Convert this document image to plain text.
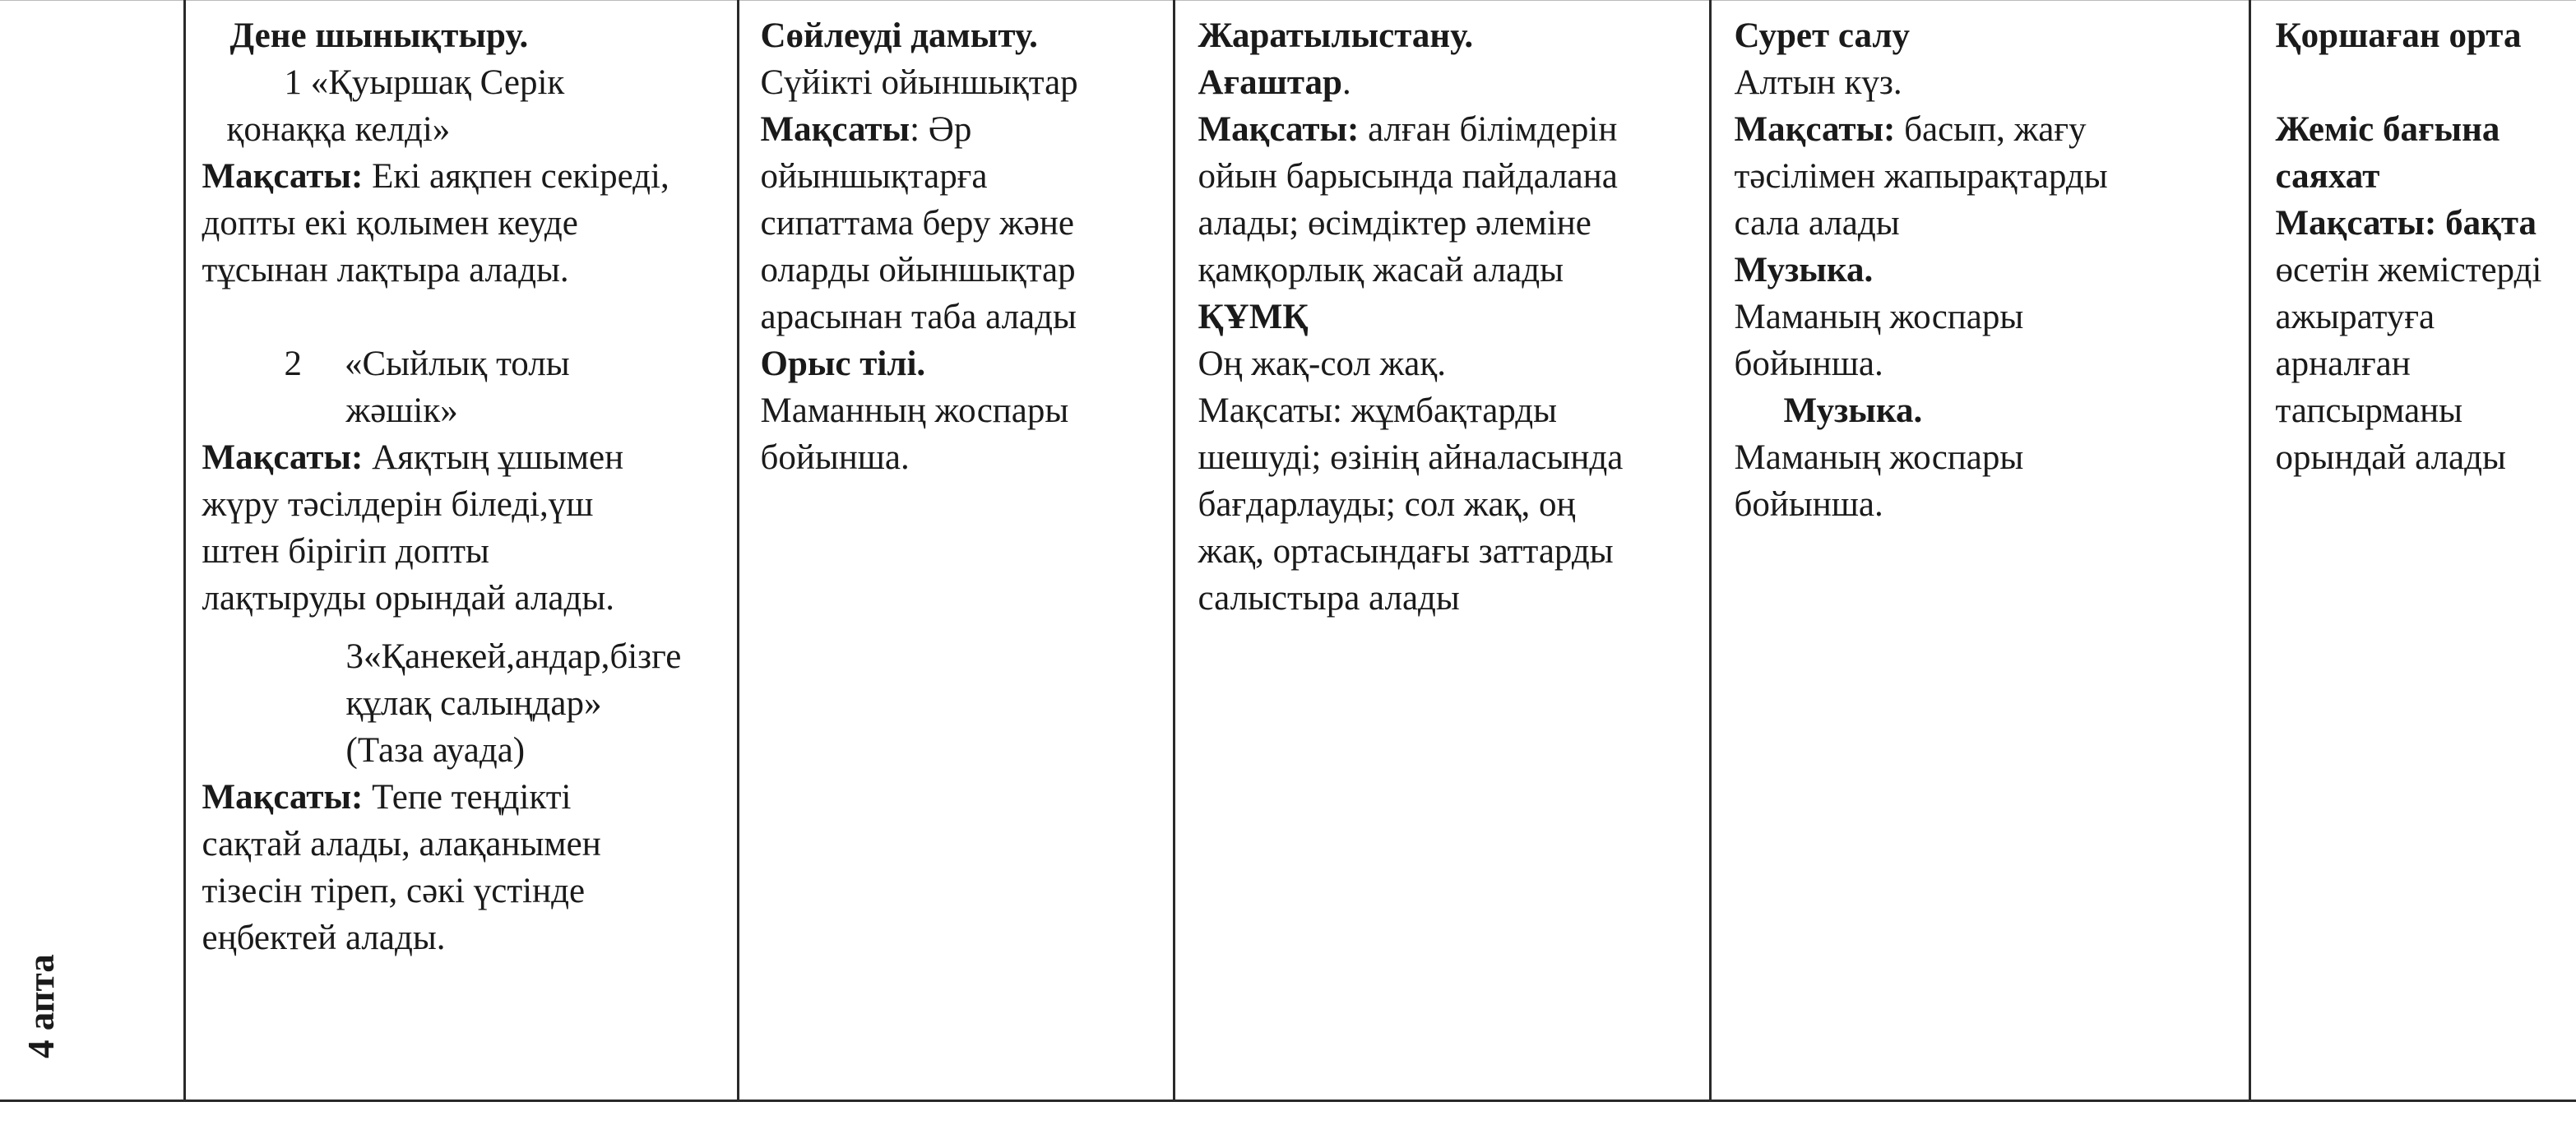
4 апта

Дене шынықтыру.
1 «Қуыршақ Серік
қонаққа келді»
Мақсаты: Екі аяқпен секіреді,
допты екі қолымен кеуде
тұсынан лақтыра алады.
2 «Сыйлық толы
жәшік»
Мақсаты: Аяқтың ұшымен
жүру тәсілдерін біледі,үш
штен бірігіп допты
лақтыруды орындай алады.
3«Қанекей,андар,бізге
құлақ салыңдар»
(Таза ауада)
Мақсаты: Тепе теңдікті
сақтай алады, алақанымен
тізесін тіреп, сәкі үстінде
еңбектей алады.

Сөйлеуді дамыту.
Сүйікті ойыншықтар
Мақсаты: Әр
ойыншықтарға
сипаттама беру және
оларды ойыншықтар
арасынан таба алады
Орыс тілі.
Маманның жоспары
бойынша.

Жаратылыстану.
Ағаштар.
Мақсаты: алған білімдерін
ойын барысында пайдалана
алады; өсімдіктер әлеміне
қамқорлық жасай алады
ҚҰМҚ
Оң жақ-сол жақ.
Мақсаты: жұмбақтарды
шешуді; өзінің айналасында
бағдарлауды; сол жақ, оң
жақ, ортасындағы заттарды
салыстыра алады

Сурет салу
Алтын күз.
Мақсаты: басып, жағу
тәсілімен жапырақтарды
сала алады
Музыка.
Маманың жоспары
бойынша.
Музыка.
Маманың жоспары
бойынша.

Қоршаған орта
Жеміс бағына
саяхат
Мақсаты: бақта
өсетін жемістерді
ажыратуға
арналған
тапсырманы
орындай алады
